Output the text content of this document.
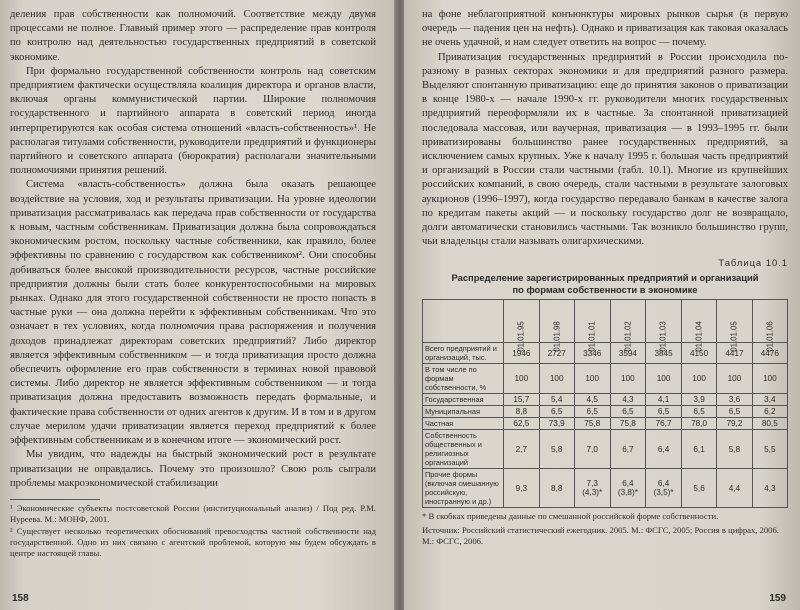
деления прав собственности как полномочий. Соответствие между двумя процессами не полное. Главный пример этого — распределение прав контроля по контролю над деятельностью государственных предприятий в советской экономике.

При формально государственной собственности контроль над советским предприятием фактически осуществляла коалиция директора и органов власти, включая органы коммунистической партии. Широкие полномочия государственного и партийного аппарата в советский период иногда интерпретируются как особая система отношений «власть-собственность»¹. Не располагая титулами собственности, руководители предприятий и функционеры партийного и советского аппарата (бюрократия) располагали значительными полномочиями принятия решений.

Система «власть-собственность» должна была оказать решающее воздействие на условия, ход и результаты приватизации. На уровне идеологии приватизация рассматривалась как передача прав собственности от государства к новым, частным собственникам. Приватизация должна была сопровождаться экономическим ростом, поскольку частные собственники, как правило, более эффективны по сравнению с государством как собственником². Они способны добиваться более высокой производительности ресурсов, частные российские предприятия должны были стать более конкурентоспособными на мировых рынках. Однако для этого государственной собственности не просто попасть в частные руки — она должна перейти к эффективным собственникам. Что это означает в тех условиях, когда полномочия права распоряжения и получения доходов принадлежат директорам советских предприятий? Либо директор является эффективным собственником — и тогда приватизация просто должна обеспечить оформление его прав собственности в терминах новой правовой системы. Либо директор не является эффективным собственником — и тогда приватизация должна предоставить возможность передать формальные, и фактические права собственности от одних агентов к другим. И в том и в другом случае мерилом удачи приватизации является переход предприятий к более эффективным собственникам и в конечном итоге — экономический рост.

Мы увидим, что надежды на быстрый экономический рост в результате приватизации не оправдались. Почему это произошло? Свою роль сыграли проблемы макроэкономической стабилизации

¹ Экономические субъекты постсоветской России (институциональный анализ) / Под ред. Р.М. Нуреева. М.: МОНФ, 2001.

² Существует несколько теоретических обоснований превосходства частной собственности над государственной. Одно из них связано с агентской проблемой, которую мы будем обсуждать в центре настоящей главы.

158

на фоне неблагоприятной конъюнктуры мировых рынков сырья (в первую очередь — падения цен на нефть). Однако и приватизация как таковая оказалась не очень удачной, и нам следует ответить на вопрос — почему.

Приватизация государственных предприятий в России происходила по-разному в разных секторах экономики и для предприятий разного размера. Выделяют спонтанную приватизацию: еще до принятия законов о приватизации в конце 1980-х — начале 1990-х гг. руководители многих государственных предприятий переоформляли их в частные. За спонтанной приватизацией последовала массовая, или ваучерная, приватизация — в 1993–1995 гг. были приватизированы большинство ранее государственных предприятий, за исключением самых крупных. Уже к началу 1995 г. большая часть предприятий и организаций в России стали частными (табл. 10.1). Многие из крупнейших российских компаний, в свою очередь, стали частными в результате залоговых аукционов (1996–1997), когда государство передавало банкам в качестве залога по кредитам пакеты акций — и поскольку государство долг не возвращало, долги автоматически становились частными. Так возникло большинство групп, чьи владельцы стали называть олигархическими.

Таблица 10.1
Распределение зарегистрированных предприятий и организаций
по формам собственности в экономике
	01.01.95	01.01.98	01.01.01	01.01.02	01.01.03	01.01.04	01.01.05	01.01.06
Всего предприятий и организаций, тыс.	1946	2727	3346	3594	3845	4150	4417	4476
В том числе по формам собственности, %	100	100	100	100	100	100	100	100
Государственная	15,7	5,4	4,5	4,3	4,1	3,9	3,6	3,4
Муниципальная	8,8	6,5	6,5	6,5	6,5	6,5	6,5	6,2
Частная	62,5	73,9	75,8	75,8	76,7	78,0	79,2	80,5
Собственность общественных и религиозных организаций	2,7	5,8	7,0	6,7	6,4	6,1	5,8	5,5
Прочие формы (включая смешанную российскую, иностранную и др.)	9,3	8,8	7,3 (4,3)*	6,4 (3,8)*	6,4 (3,5)*	5,6	4,4	4,3
* В скобках приведены данные по смешанной российской форме собственности.
Источник: Российский статистический ежегодник. 2005. М.: ФСГС, 2005; Россия в цифрах, 2006. М.: ФСГС, 2006.
159
